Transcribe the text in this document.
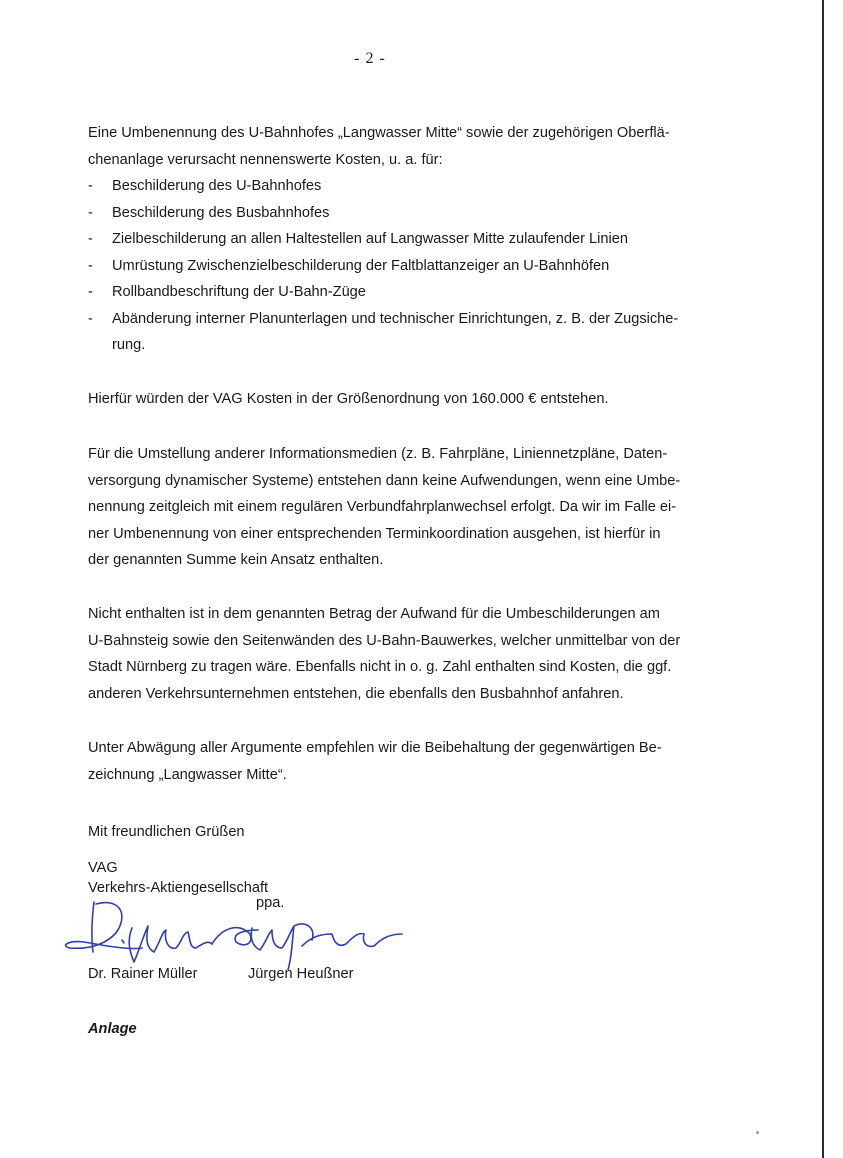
- 2 -
Eine Umbenennung des U-Bahnhofes „Langwasser Mitte“ sowie der zugehörigen Oberflä-
chenanlage verursacht nennenswerte Kosten, u. a. für:
- Beschilderung des U-Bahnhofes
- Beschilderung des Busbahnhofes
- Zielbeschilderung an allen Haltestellen auf Langwasser Mitte zulaufender Linien
- Umrüstung Zwischenzielbeschilderung der Faltblattanzeiger an U-Bahnhöfen
- Rollbandbeschriftung der U-Bahn-Züge
- Abänderung interner Planunterlagen und technischer Einrichtungen, z. B. der Zugsiche-
rung.
Hierfür würden der VAG Kosten in der Größenordnung von 160.000 € entstehen.
Für die Umstellung anderer Informationsmedien (z. B. Fahrpläne, Liniennetzpläne, Daten-
versorgung dynamischer Systeme) entstehen dann keine Aufwendungen, wenn eine Umbe-
nennung zeitgleich mit einem regulären Verbundfahrplanwechsel erfolgt. Da wir im Falle ei-
ner Umbenennung von einer entsprechenden Terminkoordination ausgehen, ist hierfür in
der genannten Summe kein Ansatz enthalten.
Nicht enthalten ist in dem genannten Betrag der Aufwand für die Umbeschilderungen am
U-Bahnsteig sowie den Seitenwänden des U-Bahn-Bauwerkes, welcher unmittelbar von der
Stadt Nürnberg zu tragen wäre. Ebenfalls nicht in o. g. Zahl enthalten sind Kosten, die ggf.
anderen Verkehrsunternehmen entstehen, die ebenfalls den Busbahnhof anfahren.
Unter Abwägung aller Argumente empfehlen wir die Beibehaltung der gegenwärtigen Be-
zeichnung „Langwasser Mitte“.
Mit freundlichen Grüßen
VAG
Verkehrs-Aktiengesellschaft
ppa.
Dr. Rainer Müller	Jürgen Heußner
Anlage
